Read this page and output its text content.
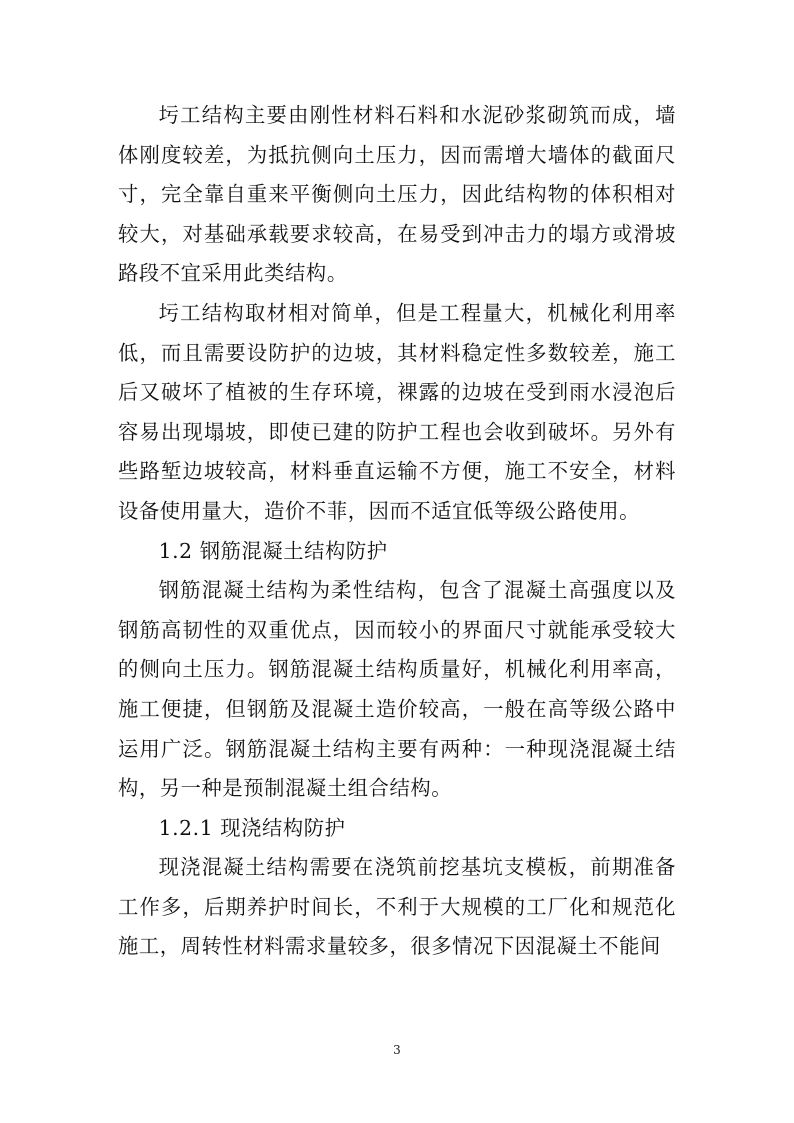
圬工结构主要由刚性材料石料和水泥砂浆砌筑而成，墙体刚度较差，为抵抗侧向土压力，因而需增大墙体的截面尺寸，完全靠自重来平衡侧向土压力，因此结构物的体积相对较大，对基础承载要求较高，在易受到冲击力的塌方或滑坡路段不宜采用此类结构。

圬工结构取材相对简单，但是工程量大，机械化利用率低，而且需要设防护的边坡，其材料稳定性多数较差，施工后又破坏了植被的生存环境，裸露的边坡在受到雨水浸泡后容易出现塌坡，即使已建的防护工程也会收到破坏。另外有些路堑边坡较高，材料垂直运输不方便，施工不安全，材料设备使用量大，造价不菲，因而不适宜低等级公路使用。

1.2 钢筋混凝土结构防护

钢筋混凝土结构为柔性结构，包含了混凝土高强度以及钢筋高韧性的双重优点，因而较小的界面尺寸就能承受较大的侧向土压力。钢筋混凝土结构质量好，机械化利用率高，施工便捷，但钢筋及混凝土造价较高，一般在高等级公路中运用广泛。钢筋混凝土结构主要有两种：一种现浇混凝土结构，另一种是预制混凝土组合结构。

1.2.1 现浇结构防护

现浇混凝土结构需要在浇筑前挖基坑支模板，前期准备工作多，后期养护时间长，不利于大规模的工厂化和规范化施工，周转性材料需求量较多，很多情况下因混凝土不能间

3
